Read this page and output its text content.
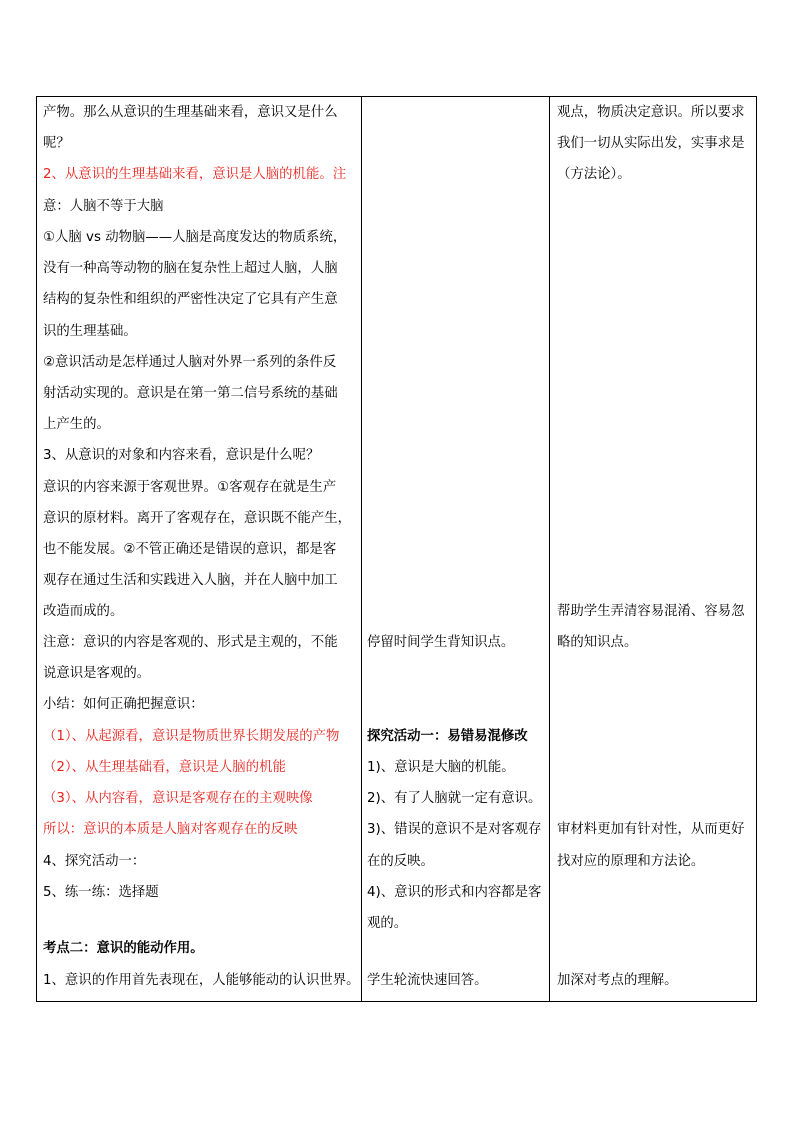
产物。那么从意识的生理基础来看，意识又是什么
呢？
2、从意识的生理基础来看，意识是人脑的机能。注
意：人脑不等于大脑
①人脑 vs 动物脑——人脑是高度发达的物质系统，
没有一种高等动物的脑在复杂性上超过人脑，人脑
结构的复杂性和组织的严密性决定了它具有产生意
识的生理基础。
②意识活动是怎样通过人脑对外界一系列的条件反
射活动实现的。意识是在第一第二信号系统的基础
上产生的。
3、从意识的对象和内容来看，意识是什么呢？
意识的内容来源于客观世界。①客观存在就是生产
意识的原材料。离开了客观存在，意识既不能产生，
也不能发展。②不管正确还是错误的意识，都是客
观存在通过生活和实践进入人脑，并在人脑中加工
改造而成的。
注意：意识的内容是客观的、形式是主观的，不能
说意识是客观的。
小结：如何正确把握意识：
（1）、从起源看，意识是物质世界长期发展的产物
（2）、从生理基础看，意识是人脑的机能
（3）、从内容看，意识是客观存在的主观映像
所以：意识的本质是人脑对客观存在的反映
4、探究活动一：
5、练一练：选择题
考点二：意识的能动作用。
1、意识的作用首先表现在，人能够能动的认识世界。
停留时间学生背知识点。
探究活动一：易错易混修改
1)、意识是大脑的机能。
2)、有了人脑就一定有意识。
3)、错误的意识不是对客观存
在的反映。
4)、意识的形式和内容都是客
观的。
学生轮流快速回答。
观点，物质决定意识。所以要求
我们一切从实际出发，实事求是
（方法论）。
帮助学生弄清容易混淆、容易忽
略的知识点。
审材料更加有针对性，从而更好
找对应的原理和方法论。
加深对考点的理解。
